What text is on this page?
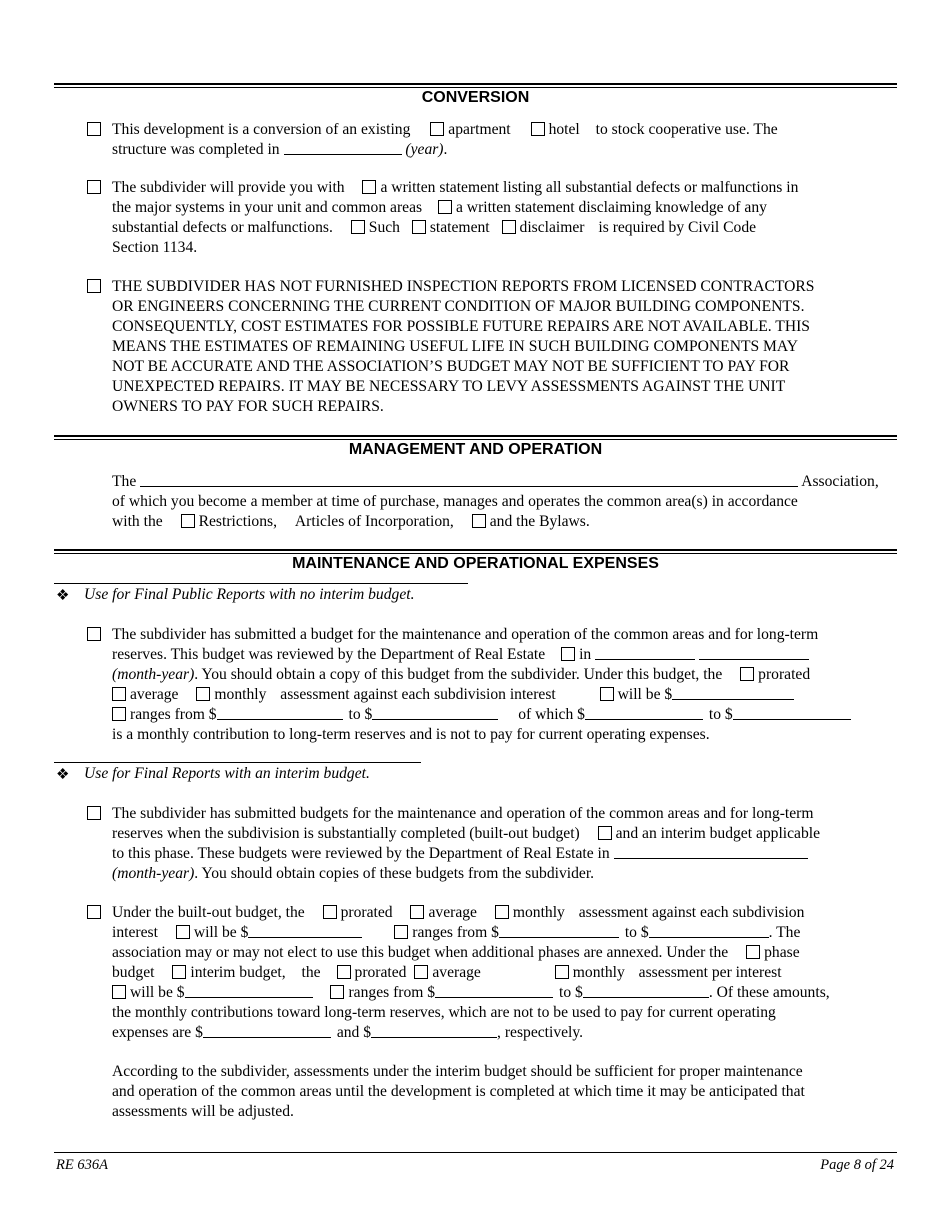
CONVERSION
This development is a conversion of an existing apartment hotel to stock cooperative use. The
structure was completed in	(year).
The subdivider will provide you with a written statement listing all substantial defects or malfunctions in
the major systems in your unit and common areas a written statement disclaiming knowledge of any
substantial defects or malfunctions. Such statement disclaimer is required by Civil Code
Section 1134.
THE SUBDIVIDER HAS NOT FURNISHED INSPECTION REPORTS FROM LICENSED CONTRACTORS
OR ENGINEERS CONCERNING THE CURRENT CONDITION OF MAJOR BUILDING COMPONENTS.
CONSEQUENTLY, COST ESTIMATES FOR POSSIBLE FUTURE REPAIRS ARE NOT AVAILABLE. THIS
MEANS THE ESTIMATES OF REMAINING USEFUL LIFE IN SUCH BUILDING COMPONENTS MAY
NOT BE ACCURATE AND THE ASSOCIATION’S BUDGET MAY NOT BE SUFFICIENT TO PAY FOR
UNEXPECTED REPAIRS. IT MAY BE NECESSARY TO LEVY ASSESSMENTS AGAINST THE UNIT
OWNERS TO PAY FOR SUCH REPAIRS.
MANAGEMENT AND OPERATION
The	Association,
of which you become a member at time of purchase, manages and operates the common area(s) in accordance
with the Restrictions, Articles of Incorporation, and the Bylaws.
MAINTENANCE AND OPERATIONAL EXPENSES
❖ Use for Final Public Reports with no interim budget.
The subdivider has submitted a budget for the maintenance and operation of the common areas and for long-term
reserves. This budget was reviewed by the Department of Real Estate in
(month-year). You should obtain a copy of this budget from the subdivider. Under this budget, the prorated
average monthly assessment against each subdivision interest	will be $
ranges from $	to $	of which $	to $
is a monthly contribution to long-term reserves and is not to pay for current operating expenses.
❖ Use for Final Reports with an interim budget.
The subdivider has submitted budgets for the maintenance and operation of the common areas and for long-term
reserves when the subdivision is substantially completed (built-out budget) and an interim budget applicable
to this phase. These budgets were reviewed by the Department of Real Estate in
(month-year). You should obtain copies of these budgets from the subdivider.
Under the built-out budget, the prorated average monthly assessment against each subdivision
interest will be $	ranges from $	to $	. The
association may or may not elect to use this budget when additional phases are annexed. Under the phase
budget interim budget, the prorated average	monthly assessment per interest
will be $	ranges from $	to $	. Of these amounts,
the monthly contributions toward long-term reserves, which are not to be used to pay for current operating
expenses are $	and $	, respectively.
According to the subdivider, assessments under the interim budget should be sufficient for proper maintenance
and operation of the common areas until the development is completed at which time it may be anticipated that
assessments will be adjusted.
RE 636A	Page 8 of 24
